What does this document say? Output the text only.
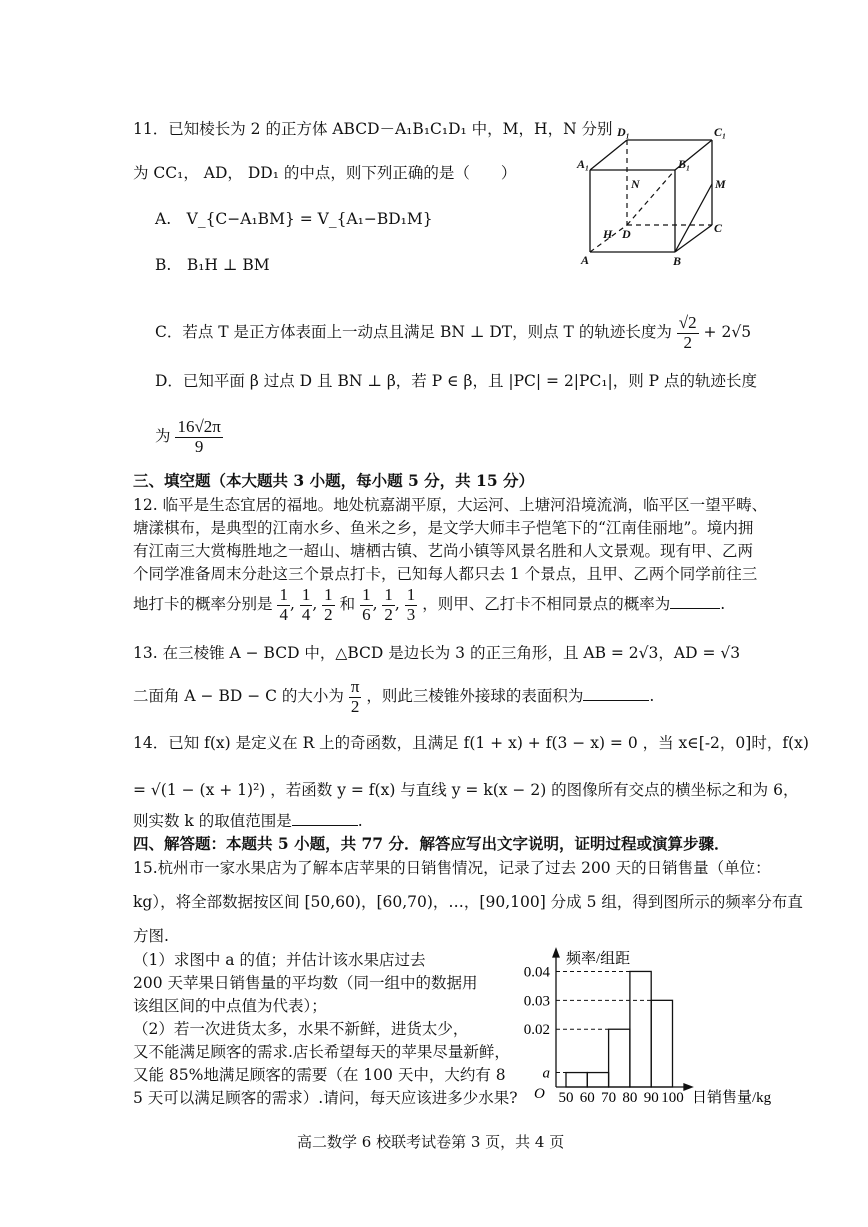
11．已知棱长为 2 的正方体 ABCD－A₁B₁C₁D₁ 中，M，H，N 分别
为 CC₁， AD， DD₁ 的中点，则下列正确的是（　　）
A.　V_{C−A₁BM} = V_{A₁−BD₁M}
B.　B₁H ⊥ BM
C．若点 T 是正方体表面上一动点且满足 BN ⊥ DT，则点 T 的轨迹长度为 $\frac{√2}{2} + 2√5$
D．已知平面 β 过点 D 且 BN ⊥ β，若 P ∈ β，且 |PC| = 2|PC₁|，则 P 点的轨迹长度
为 $\frac{16√2\pi}{9}$
D₁	C₁
A₁	B₁
N	M
H D	C
A	B
三、填空题（本大题共 3 小题，每小题 5 分，共 15 分）
12. 临平是生态宜居的福地。地处杭嘉湖平原，大运河、上塘河沿境流淌，临平区一望平畴、
塘漾棋布，是典型的江南水乡、鱼米之乡，是文学大师丰子恺笔下的“江南佳丽地”。境内拥
有江南三大赏梅胜地之一超山、塘栖古镇、艺尚小镇等风景名胜和人文景观。现有甲、乙两
个同学准备周末分赴这三个景点打卡，已知每人都只去 1 个景点，且甲、乙两个同学前往三
地打卡的概率分别是 $\frac{1}{4}$ , $\frac{1}{4}$ , $\frac{1}{2}$ 和 $\frac{1}{6}$ , $\frac{1}{2}$ , $\frac{1}{3}$ ，则甲、乙打卡不相同景点的概率为	.
13. 在三棱锥 A − BCD 中，△BCD 是边长为 3 的正三角形，且 AB = 2√3，AD = √3
二面角 A − BD − C 的大小为 $\frac{\pi}{2}$ ，则此三棱锥外接球的表面积为	.
14．已知 f(x) 是定义在 R 上的奇函数，且满足 f(1 + x) + f(3 − x) = 0 ，当 x∈[-2，0]时，f(x)
= √(1 − (x + 1)²) ，若函数 y = f(x) 与直线 y = k(x − 2) 的图像所有交点的横坐标之和为 6，
则实数 k 的取值范围是	.
四、解答题：本题共 5 小题，共 77 分．解答应写出文字说明，证明过程或演算步骤．
15.杭州市一家水果店为了解本店苹果的日销售情况，记录了过去 200 天的日销售量（单位：
kg），将全部数据按区间 [50,60)，[60,70)，…，[90,100] 分成 5 组，得到图所示的频率分布直
方图.
（1）求图中 a 的值；并估计该水果店过去
200 天苹果日销售量的平均数（同一组中的数据用
该组区间的中点值为代表）；
（2）若一次进货太多，水果不新鲜，进货太少，
又不能满足顾客的需求.店长希望每天的苹果尽量新鲜，
又能 85%地满足顾客的需要（在 100 天中，大约有 8
5 天可以满足顾客的需求）.请问，每天应该进多少水果?
a
0.02
0.03
0.04
50 60 70 80 90 100
频率/组距
日销售量/kg
O
高二数学 6 校联考试卷第 3 页，共 4 页
